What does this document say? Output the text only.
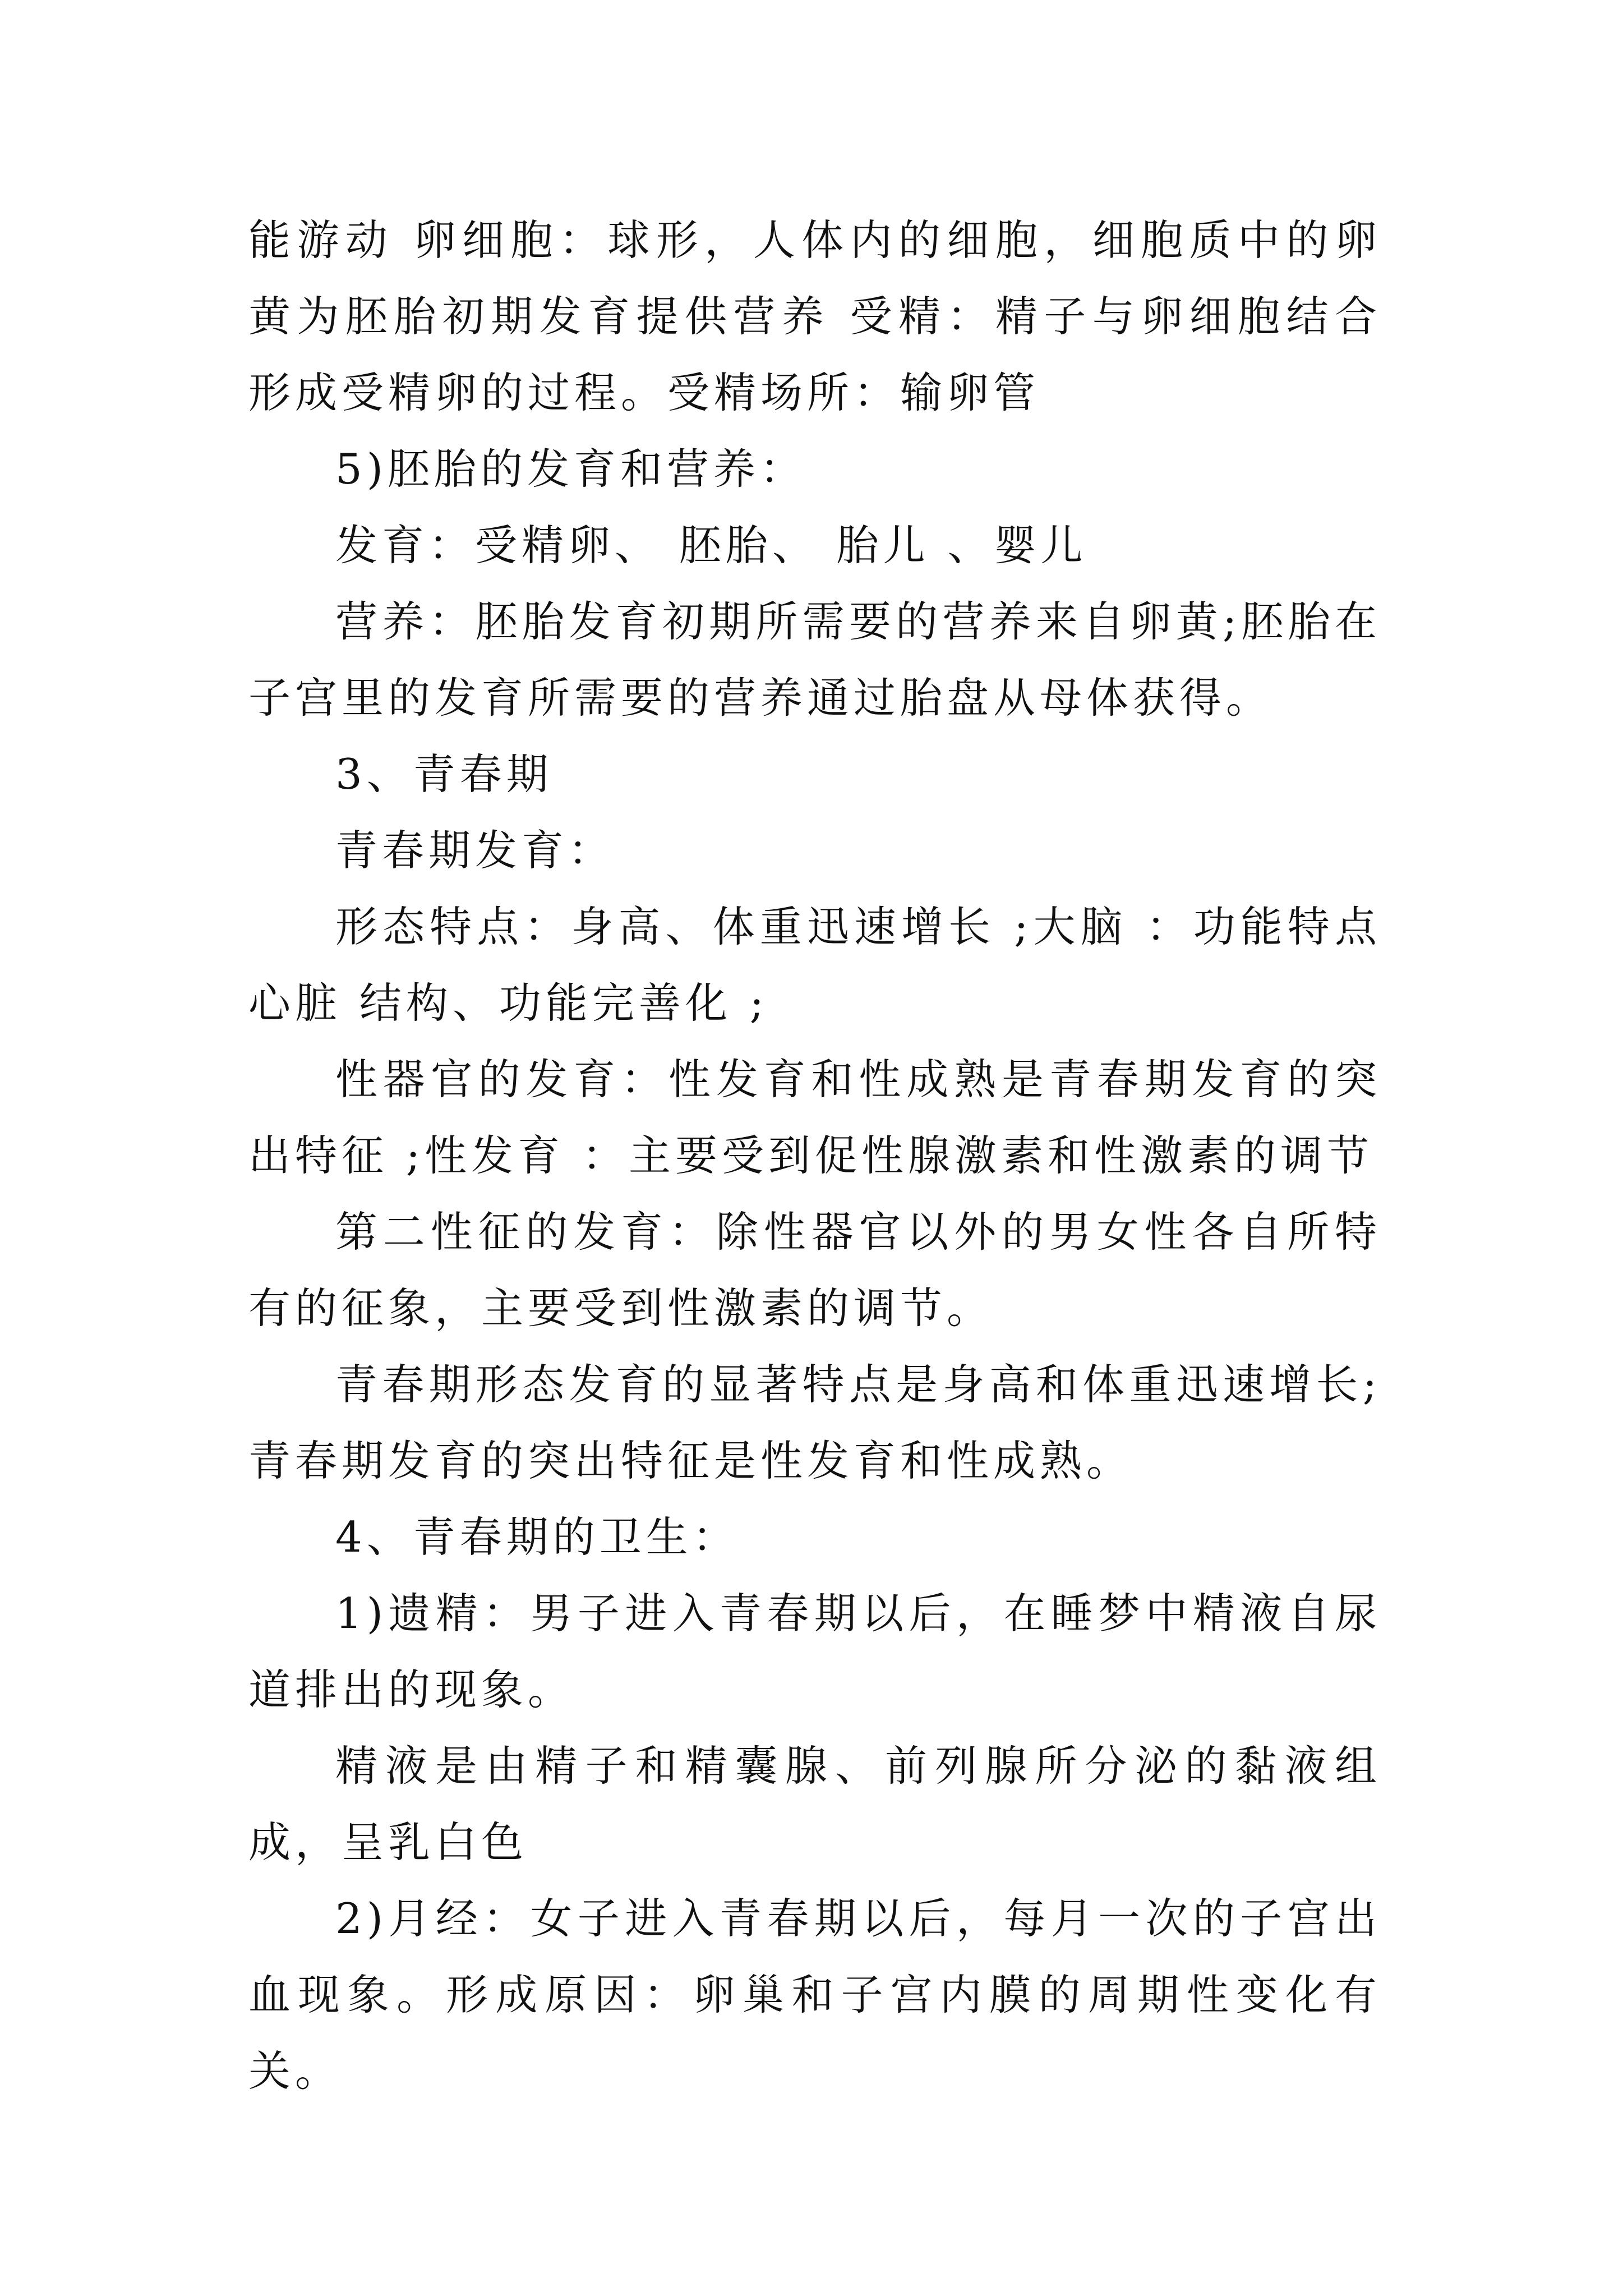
能游动 卵细胞：球形，人体内的细胞，细胞质中的卵黄为胚胎初期发育提供营养 受精：精子与卵细胞结合形成受精卵的过程。受精场所：输卵管

5)胚胎的发育和营养：

发育：受精卵、 胚胎、 胎儿 、婴儿

营养：胚胎发育初期所需要的营养来自卵黄;胚胎在子宫里的发育所需要的营养通过胎盘从母体获得。

3、青春期

青春期发育：

形态特点：身高、体重迅速增长 ;大脑 ：功能特点 心脏 结构、功能完善化 ;

性器官的发育：性发育和性成熟是青春期发育的突出特征 ;性发育 ：主要受到促性腺激素和性激素的调节

第二性征的发育：除性器官以外的男女性各自所特有的征象，主要受到性激素的调节。

青春期形态发育的显著特点是身高和体重迅速增长;青春期发育的突出特征是性发育和性成熟。

4、青春期的卫生：

1)遗精：男子进入青春期以后，在睡梦中精液自尿道排出的现象。

精液是由精子和精囊腺、前列腺所分泌的黏液组成，呈乳白色

2)月经：女子进入青春期以后，每月一次的子宫出血现象。形成原因：卵巢和子宫内膜的周期性变化有关。
